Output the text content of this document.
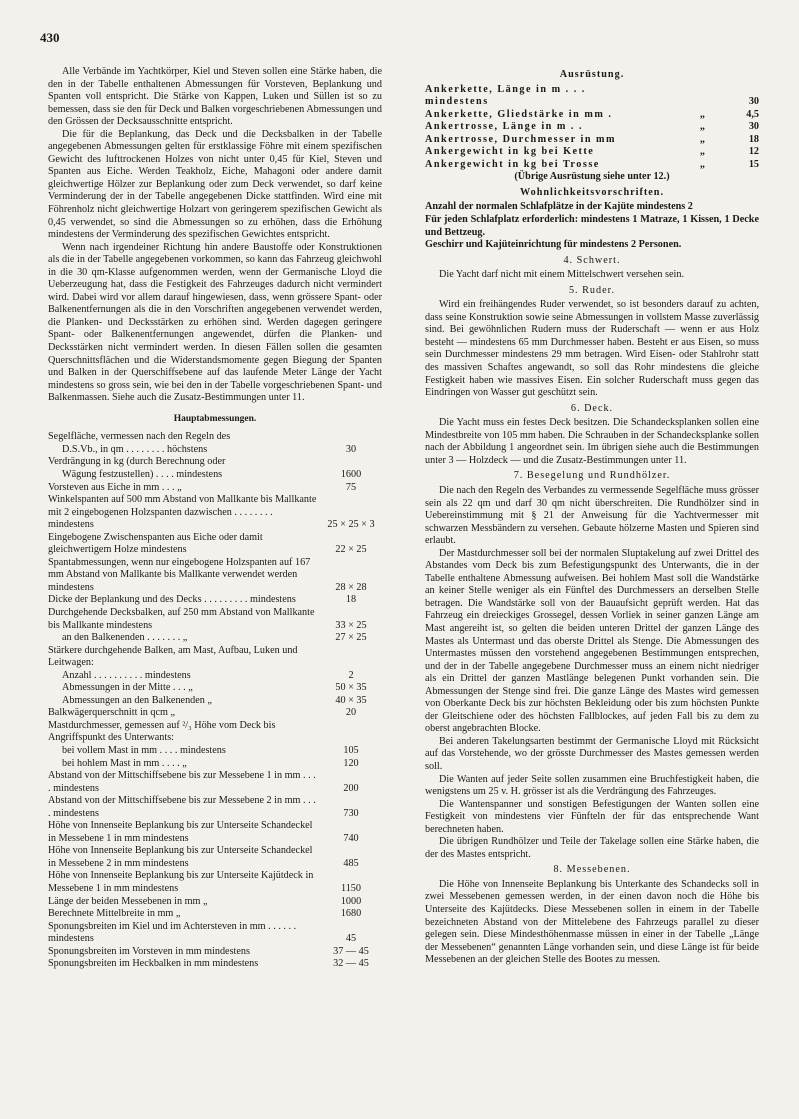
430

Alle Verbände im Yachtkörper, Kiel und Steven sollen eine Stärke haben, die den in der Tabelle enthaltenen Abmessungen für Vorsteven, Beplankung und Spanten voll entspricht. Die Stärke von Kappen, Luken und Süllen ist so zu bemessen, dass sie den für Deck und Balken vorgeschriebenen Abmessungen und den Grössen der Decksausschnitte entspricht.

Die für die Beplankung, das Deck und die Decksbalken in der Tabelle angegebenen Abmessungen gelten für erstklassige Föhre mit einem spezifischen Gewicht des lufttrockenen Holzes von nicht unter 0,45 für Kiel, Steven und Spanten aus Eiche. Werden Teakholz, Eiche, Mahagoni oder andere damit gleichwertige Hölzer zur Beplankung oder zum Deck verwendet, so darf keine Verminderung der in der Tabelle angegebenen Dicke stattfinden. Wird eine mit Föhrenholz nicht gleichwertige Holzart von geringerem spezifischen Gewicht als 0,45 verwendet, so sind die Abmessungen so zu erhöhen, dass die Erhöhung mindestens der Verminderung des spezifischen Gewichtes entspricht.

Wenn nach irgendeiner Richtung hin andere Baustoffe oder Konstruktionen als die in der Tabelle angegebenen vorkommen, so kann das Fahrzeug gleichwohl in die 30 qm-Klasse aufgenommen werden, wenn der Germanische Lloyd die Ueberzeugung hat, dass die Festigkeit des Fahrzeuges dadurch nicht vermindert wird. Dabei wird vor allem darauf hingewiesen, dass, wenn grössere Spant- oder Balkenentfernungen als die in den Vorschriften angegebenen verwendet werden, die Planken- und Decksstärken zu erhöhen sind. Werden dagegen geringere Spant- oder Balkenentfernungen angewendet, dürfen die Planken- und Decksstärken nicht vermindert werden. In diesen Fällen sollen die gesamten Querschnittsflächen und die Widerstandsmomente gegen Biegung der Spanten und Balken in der Querschiffsebene auf das laufende Meter Länge der Yacht mindestens so gross sein, wie bei den in der Tabelle vorgeschriebenen Spant- und Balkenmassen. Siehe auch die Zusatz-Bestimmungen unter 11.

Hauptabmessungen.
Segelfläche, vermessen nach den Regeln des	
D.S.Vb., in qm . . . . . . . . höchstens	30
Verdrängung in kg (durch Berechnung oder	
Wägung festzustellen) . . . . mindestens	1600
Vorsteven aus Eiche in mm . . . „	75
Winkelspanten auf 500 mm Abstand von Mallkante bis Mallkante mit 2 eingebogenen Holzspanten dazwischen . . . . . . . . mindestens	25 × 25 × 3
Eingebogene Zwischenspanten aus Eiche oder damit gleichwertigem Holze mindestens	22 × 25
Spantabmessungen, wenn nur eingebogene Holzspanten auf 167 mm Abstand von Mallkante bis Mallkante verwendet werden mindestens	28 × 28
Dicke der Beplankung und des Decks . . . . . . . . . mindestens	18
Durchgehende Decksbalken, auf 250 mm Abstand von Mallkante bis Mallkante mindestens	33 × 25
an den Balkenenden . . . . . . . „	27 × 25
Stärkere durchgehende Balken, am Mast, Aufbau, Luken und Leitwagen:	
Anzahl . . . . . . . . . . mindestens	2
Abmessungen in der Mitte . . . „	50 × 35
Abmessungen an den Balkenenden „	40 × 35
Balkwägerquerschnitt in qcm „	20
Mastdurchmesser, gemessen auf ²/₃ Höhe vom Deck bis Angriffspunkt des Unterwants:	
bei vollem Mast in mm . . . . mindestens	105
bei hohlem Mast in mm . . . . „	120
Abstand von der Mittschiffsebene bis zur Messebene 1 in mm . . . . mindestens	200
Abstand von der Mittschiffsebene bis zur Messebene 2 in mm . . . . mindestens	730
Höhe von Innenseite Beplankung bis zur Unterseite Schandeckel in Messebene 1 in mm mindestens	740
Höhe von Innenseite Beplankung bis zur Unterseite Schandeckel in Messebene 2 in mm mindestens	485
Höhe von Innenseite Beplankung bis zur Unterseite Kajütdeck in Messebene 1 in mm mindestens	1150
Länge der beiden Messebenen in mm „	1000
Berechnete Mittelbreite in mm „	1680
Sponungsbreiten im Kiel und im Achtersteven in mm . . . . . . mindestens	45
Sponungsbreiten im Vorsteven in mm mindestens	37 — 45
Sponungsbreiten im Heckbalken in mm mindestens	32 — 45
Ausrüstung.
Ankerkette, Länge in m . . . mindestens		30
Ankerkette, Gliedstärke in mm .	„	4,5
Ankertrosse, Länge in m . .	„	30
Ankertrosse, Durchmesser in mm	„	18
Ankergewicht in kg bei Kette	„	12
Ankergewicht in kg bei Trosse	„	15

(Übrige Ausrüstung siehe unter 12.)

Wohnlichkeitsvorschriften.

Anzahl der normalen Schlafplätze in der Kajüte mindestens 2

Für jeden Schlafplatz erforderlich: mindestens 1 Matraze, 1 Kissen, 1 Decke und Bettzeug.

Geschirr und Kajüteinrichtung für mindestens 2 Personen.

4. Schwert.

Die Yacht darf nicht mit einem Mittelschwert versehen sein.

5. Ruder.

Wird ein freihängendes Ruder verwendet, so ist besonders darauf zu achten, dass seine Konstruktion sowie seine Abmessungen in vollstem Masse zuverlässig sind. Bei gewöhnlichen Rudern muss der Ruderschaft — wenn er aus Holz besteht — mindestens 65 mm Durchmesser haben. Besteht er aus Eisen, so muss sein Durchmesser mindestens 29 mm betragen. Wird Eisen- oder Stahlrohr statt des massiven Schaftes angewandt, so soll das Rohr mindestens die gleiche Festigkeit haben wie massives Eisen. Ein solcher Ruderschaft muss gegen das Eindringen von Wasser gut geschützt sein.

6. Deck.

Die Yacht muss ein festes Deck besitzen. Die Schandecksplanken sollen eine Mindestbreite von 105 mm haben. Die Schrauben in der Schandecksplanke sollen nach der Abbildung 1 angeordnet sein. Im übrigen siehe auch die Bestimmungen unter 3 — Holzdeck — und die Zusatz-Bestimmungen unter 11.

7. Besegelung und Rundhölzer.

Die nach den Regeln des Verbandes zu vermessende Segelfläche muss grösser sein als 22 qm und darf 30 qm nicht überschreiten. Die Rundhölzer sind in Uebereinstimmung mit § 21 der Anweisung für die Yachtvermesser mit schwarzen Messbändern zu versehen. Gebaute hölzerne Masten und Spieren sind erlaubt.

Der Mastdurchmesser soll bei der normalen Sluptakelung auf zwei Drittel des Abstandes vom Deck bis zum Befestigungspunkt des Unterwants, die in der Tabelle enthaltene Abmessung aufweisen. Bei hohlem Mast soll die Wandstärke an keiner Stelle weniger als ein Fünftel des Durchmessers an derselben Stelle betragen. Die Wandstärke soll von der Bauaufsicht geprüft werden. Hat das Fahrzeug ein dreieckiges Grossegel, dessen Vorliek in seiner ganzen Länge am Mast angereiht ist, so gelten die beiden unteren Drittel der ganzen Länge des Mastes als Untermast und das oberste Drittel als Stenge. Die Abmessungen des Untermastes müssen den vorstehend angegebenen Bestimmungen entsprechen, und der in der Tabelle angegebene Durchmesser muss an einem nicht niedriger als ein Drittel der ganzen Mastlänge belegenen Punkt vorhanden sein. Die Abmessungen der Stenge sind frei. Die ganze Länge des Mastes wird gemessen von Oberkante Deck bis zur höchsten Bekleidung oder bis zum höchsten Punkte der Gleitschiene oder des höchsten Fallblockes, auf jeden Fall bis zu dem zu oberst angebrachten Blocke.

Bei anderen Takelungsarten bestimmt der Germanische Lloyd mit Rücksicht auf das Vorstehende, wo der grösste Durchmesser des Mastes gemessen werden soll.

Die Wanten auf jeder Seite sollen zusammen eine Bruchfestigkeit haben, die wenigstens um 25 v. H. grösser ist als die Verdrängung des Fahrzeuges.

Die Wantenspanner und sonstigen Befestigungen der Wanten sollen eine Festigkeit von mindestens vier Fünfteln der für das entsprechende Want berechneten haben.

Die übrigen Rundhölzer und Teile der Takelage sollen eine Stärke haben, die der des Mastes entspricht.

8. Messebenen.

Die Höhe von Innenseite Beplankung bis Unterkante des Schandecks soll in zwei Messebenen gemessen werden, in der einen davon noch die Höhe bis Unterseite des Kajütdecks. Diese Messebenen sollen in einem in der Tabelle bezeichneten Abstand von der Mittelebene des Fahrzeugs parallel zu dieser gelegen sein. Diese Mindesthöhenmasse müssen in einer in der Tabelle „Länge der Messebenen“ genannten Länge vorhanden sein, und diese Länge ist für beide Messebenen an der gleichen Stelle des Bootes zu messen.
